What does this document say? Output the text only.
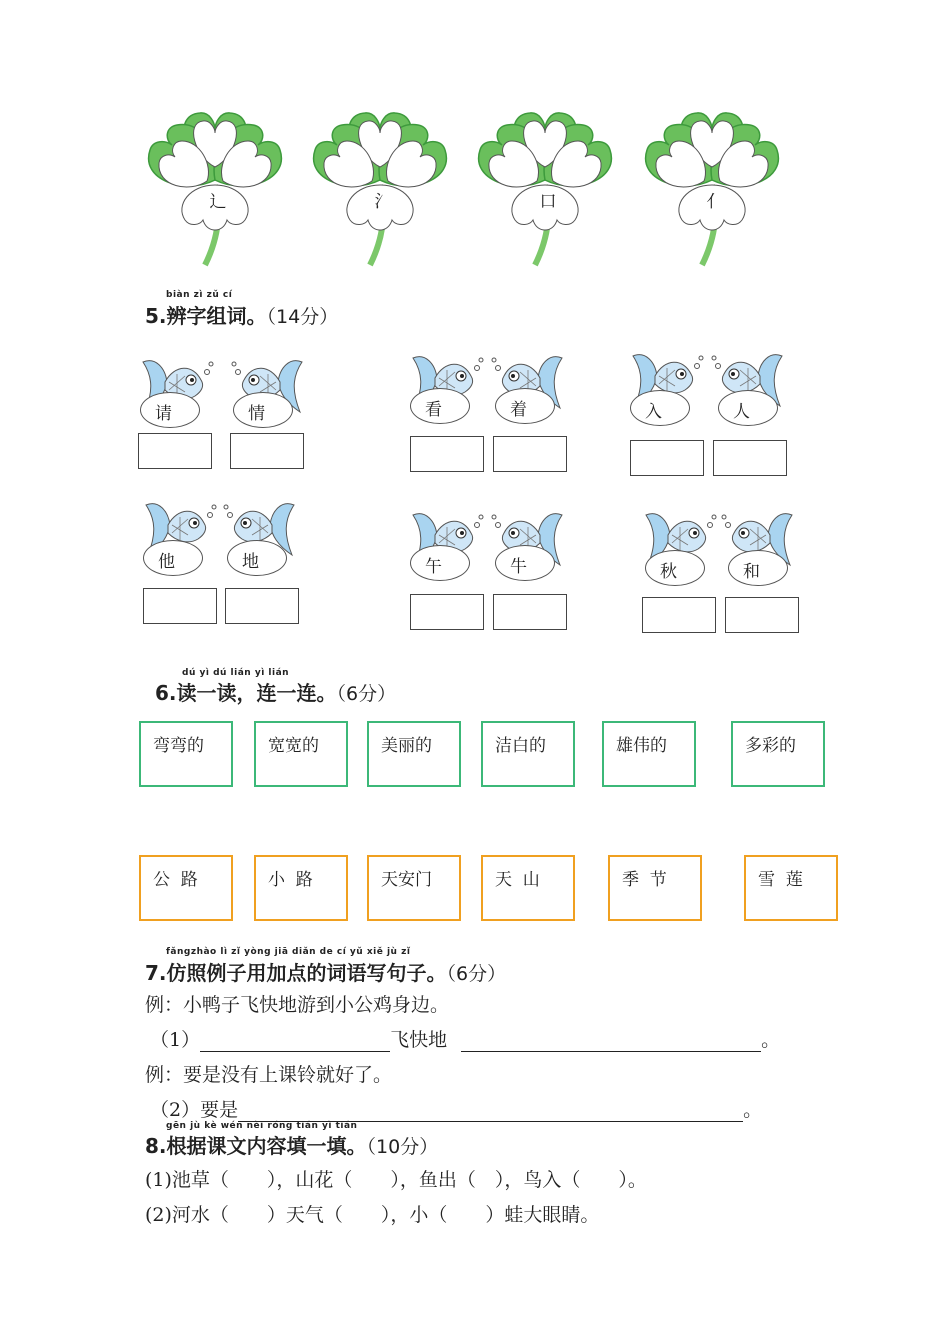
辶	氵	口	亻
biàn zì zǔ cí
5.辨字组词。（14分）
请	情	看	着	入	人
他	地	午	牛	秋	和
dú yì dú lián yì lián
6.读一读，连一连。（6分）
弯弯的	宽宽的	美丽的	洁白的	雄伟的	多彩的
公  路	小  路	天安门	天  山	季  节	雪  莲
fǎngzhào lì zǐ yòng jiā diǎn de cí yǔ xiě jù zǐ
7.仿照例子用加点的词语写句子。（6分）
例：小鸭子飞快地游到小公鸡身边。
（1）	飞快地	。
例：要是没有上课铃就好了。
（2）要是	。
gēn jù kè wén nèi róng tián yì tián
8.根据课文内容填一填。（10分）
(1)池草（　　），山花（　　），鱼出（　），鸟入（　　）。
(2)河水（　　）天气（　　），小（　　）蛙大眼睛。
